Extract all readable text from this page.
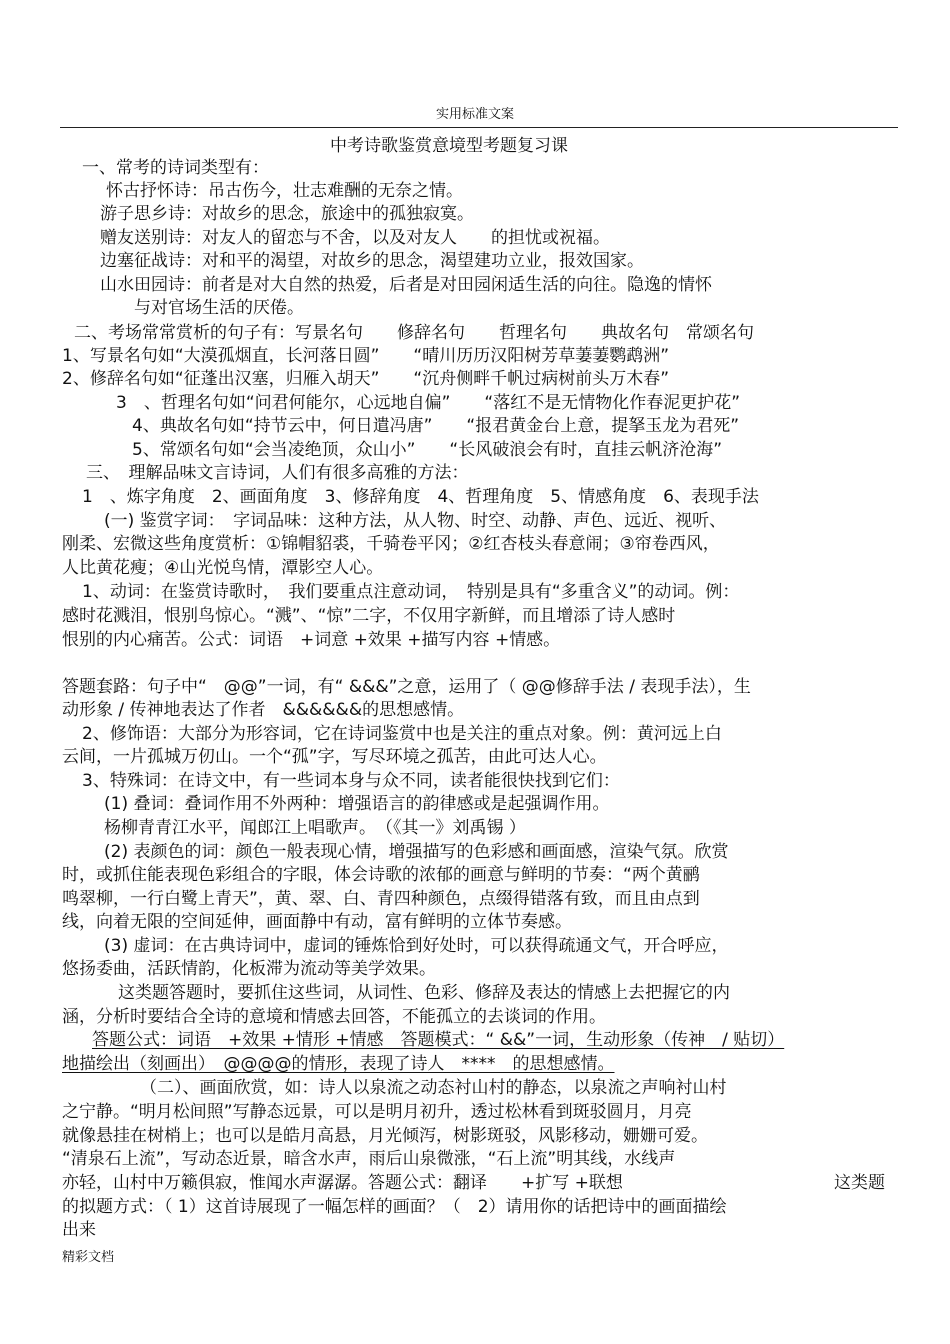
实用标准文案
中考诗歌鉴赏意境型考题复习课
一、常考的诗词类型有：
怀古抒怀诗：吊古伤今，壮志难酬的无奈之情。
游子思乡诗：对故乡的思念，旅途中的孤独寂寞。
赠友送别诗：对友人的留恋与不舍，以及对友人　　的担忧或祝福。
边塞征战诗：对和平的渴望，对故乡的思念，渴望建功立业，报效国家。
山水田园诗：前者是对大自然的热爱，后者是对田园闲适生活的向往。隐逸的情怀
与对官场生活的厌倦。
二、考场常常赏析的句子有：写景名句　　修辞名句　　哲理名句　　典故名句　常颂名句
1、写景名句如“大漠孤烟直，长河落日圆”　　“晴川历历汉阳树芳草萋萋鹦鹉洲”
2、修辞名句如“征蓬出汉塞，归雁入胡天”　　“沉舟侧畔千帆过病树前头万木春”
3　、哲理名句如“问君何能尔，心远地自偏”　　“落红不是无情物化作春泥更护花”
4、典故名句如“持节云中，何日遣冯唐”　　“报君黄金台上意，提拏玉龙为君死”
5、常颂名句如“会当凌绝顶，众山小”　　“长风破浪会有时，直挂云帆济沧海”
三、　理解品味文言诗词，人们有很多高雅的方法：
1　、炼字角度　2、画面角度　3、修辞角度　4、哲理角度　5、情感角度　6、表现手法
(一) 鉴赏字词：　字词品味：这种方法，从人物、时空、动静、声色、远近、视听、
刚柔、宏微这些角度赏析：①锦帽貂裘，千骑卷平冈；②红杏枝头春意闹；③帘卷西风，
人比黄花瘦；④山光悦鸟情，潭影空人心。
1、动词：在鉴赏诗歌时，　我们要重点注意动词，　特别是具有“多重含义”的动词。例：
感时花溅泪，恨别鸟惊心。“溅”、“惊”二字，不仅用字新鲜，而且增添了诗人感时
恨别的内心痛苦。公式：词语　+词意 +效果 +描写内容 +情感。
答题套路：句子中“　@@”一词，有“ &&&”之意，运用了（ @@修辞手法 / 表现手法），生
动形象 / 传神地表达了作者　&&&&&&的思想感情。
2、修饰语：大部分为形容词，它在诗词鉴赏中也是关注的重点对象。例：黄河远上白
云间，一片孤城万仞山。一个“孤”字，写尽环境之孤苦，由此可达人心。
3、特殊词：在诗文中，有一些词本身与众不同，读者能很快找到它们：
(1) 叠词：叠词作用不外两种：增强语言的韵律感或是起强调作用。
杨柳青青江水平，闻郎江上唱歌声。　（《其一》刘禹锡 ）
(2) 表颜色的词：颜色一般表现心情，增强描写的色彩感和画面感，渲染气氛。欣赏
时，或抓住能表现色彩组合的字眼，体会诗歌的浓郁的画意与鲜明的节奏：“两个黄鹂
鸣翠柳，一行白鹭上青天”，黄、翠、白、青四种颜色，点缀得错落有致，而且由点到
线，向着无限的空间延伸，画面静中有动，富有鲜明的立体节奏感。
(3) 虚词：在古典诗词中，虚词的锤炼恰到好处时，可以获得疏通文气，开合呼应，
悠扬委曲，活跃情韵，化板滞为流动等美学效果。
这类题答题时，要抓住这些词，从词性、色彩、修辞及表达的情感上去把握它的内
涵，分析时要结合全诗的意境和情感去回答，不能孤立的去谈词的作用。
答题公式：词语　+效果 +情形 +情感　答题模式：“ &&”一词，生动形象（传神　/ 贴切）
地描绘出（刻画出）　@@@@的情形，表现了诗人　****　的思想感情。
（二）、画面欣赏，如：诗人以泉流之动态衬山村的静态，以泉流之声响衬山村
之宁静。“明月松间照”写静态远景，可以是明月初升，透过松林看到斑驳圆月，月亮
就像悬挂在树梢上；也可以是皓月高悬，月光倾泻，树影斑驳，风影移动，姗姗可爱。
“清泉石上流”，写动态近景，暗含水声，雨后山泉微涨，“石上流”明其线，水线声
亦轻，山村中万籁俱寂，惟闻水声潺潺。答题公式：翻译　　+扩写 +联想	这类题
的拟题方式：（ 1）这首诗展现了一幅怎样的画面？（　2）请用你的话把诗中的画面描绘
出来
精彩文档
